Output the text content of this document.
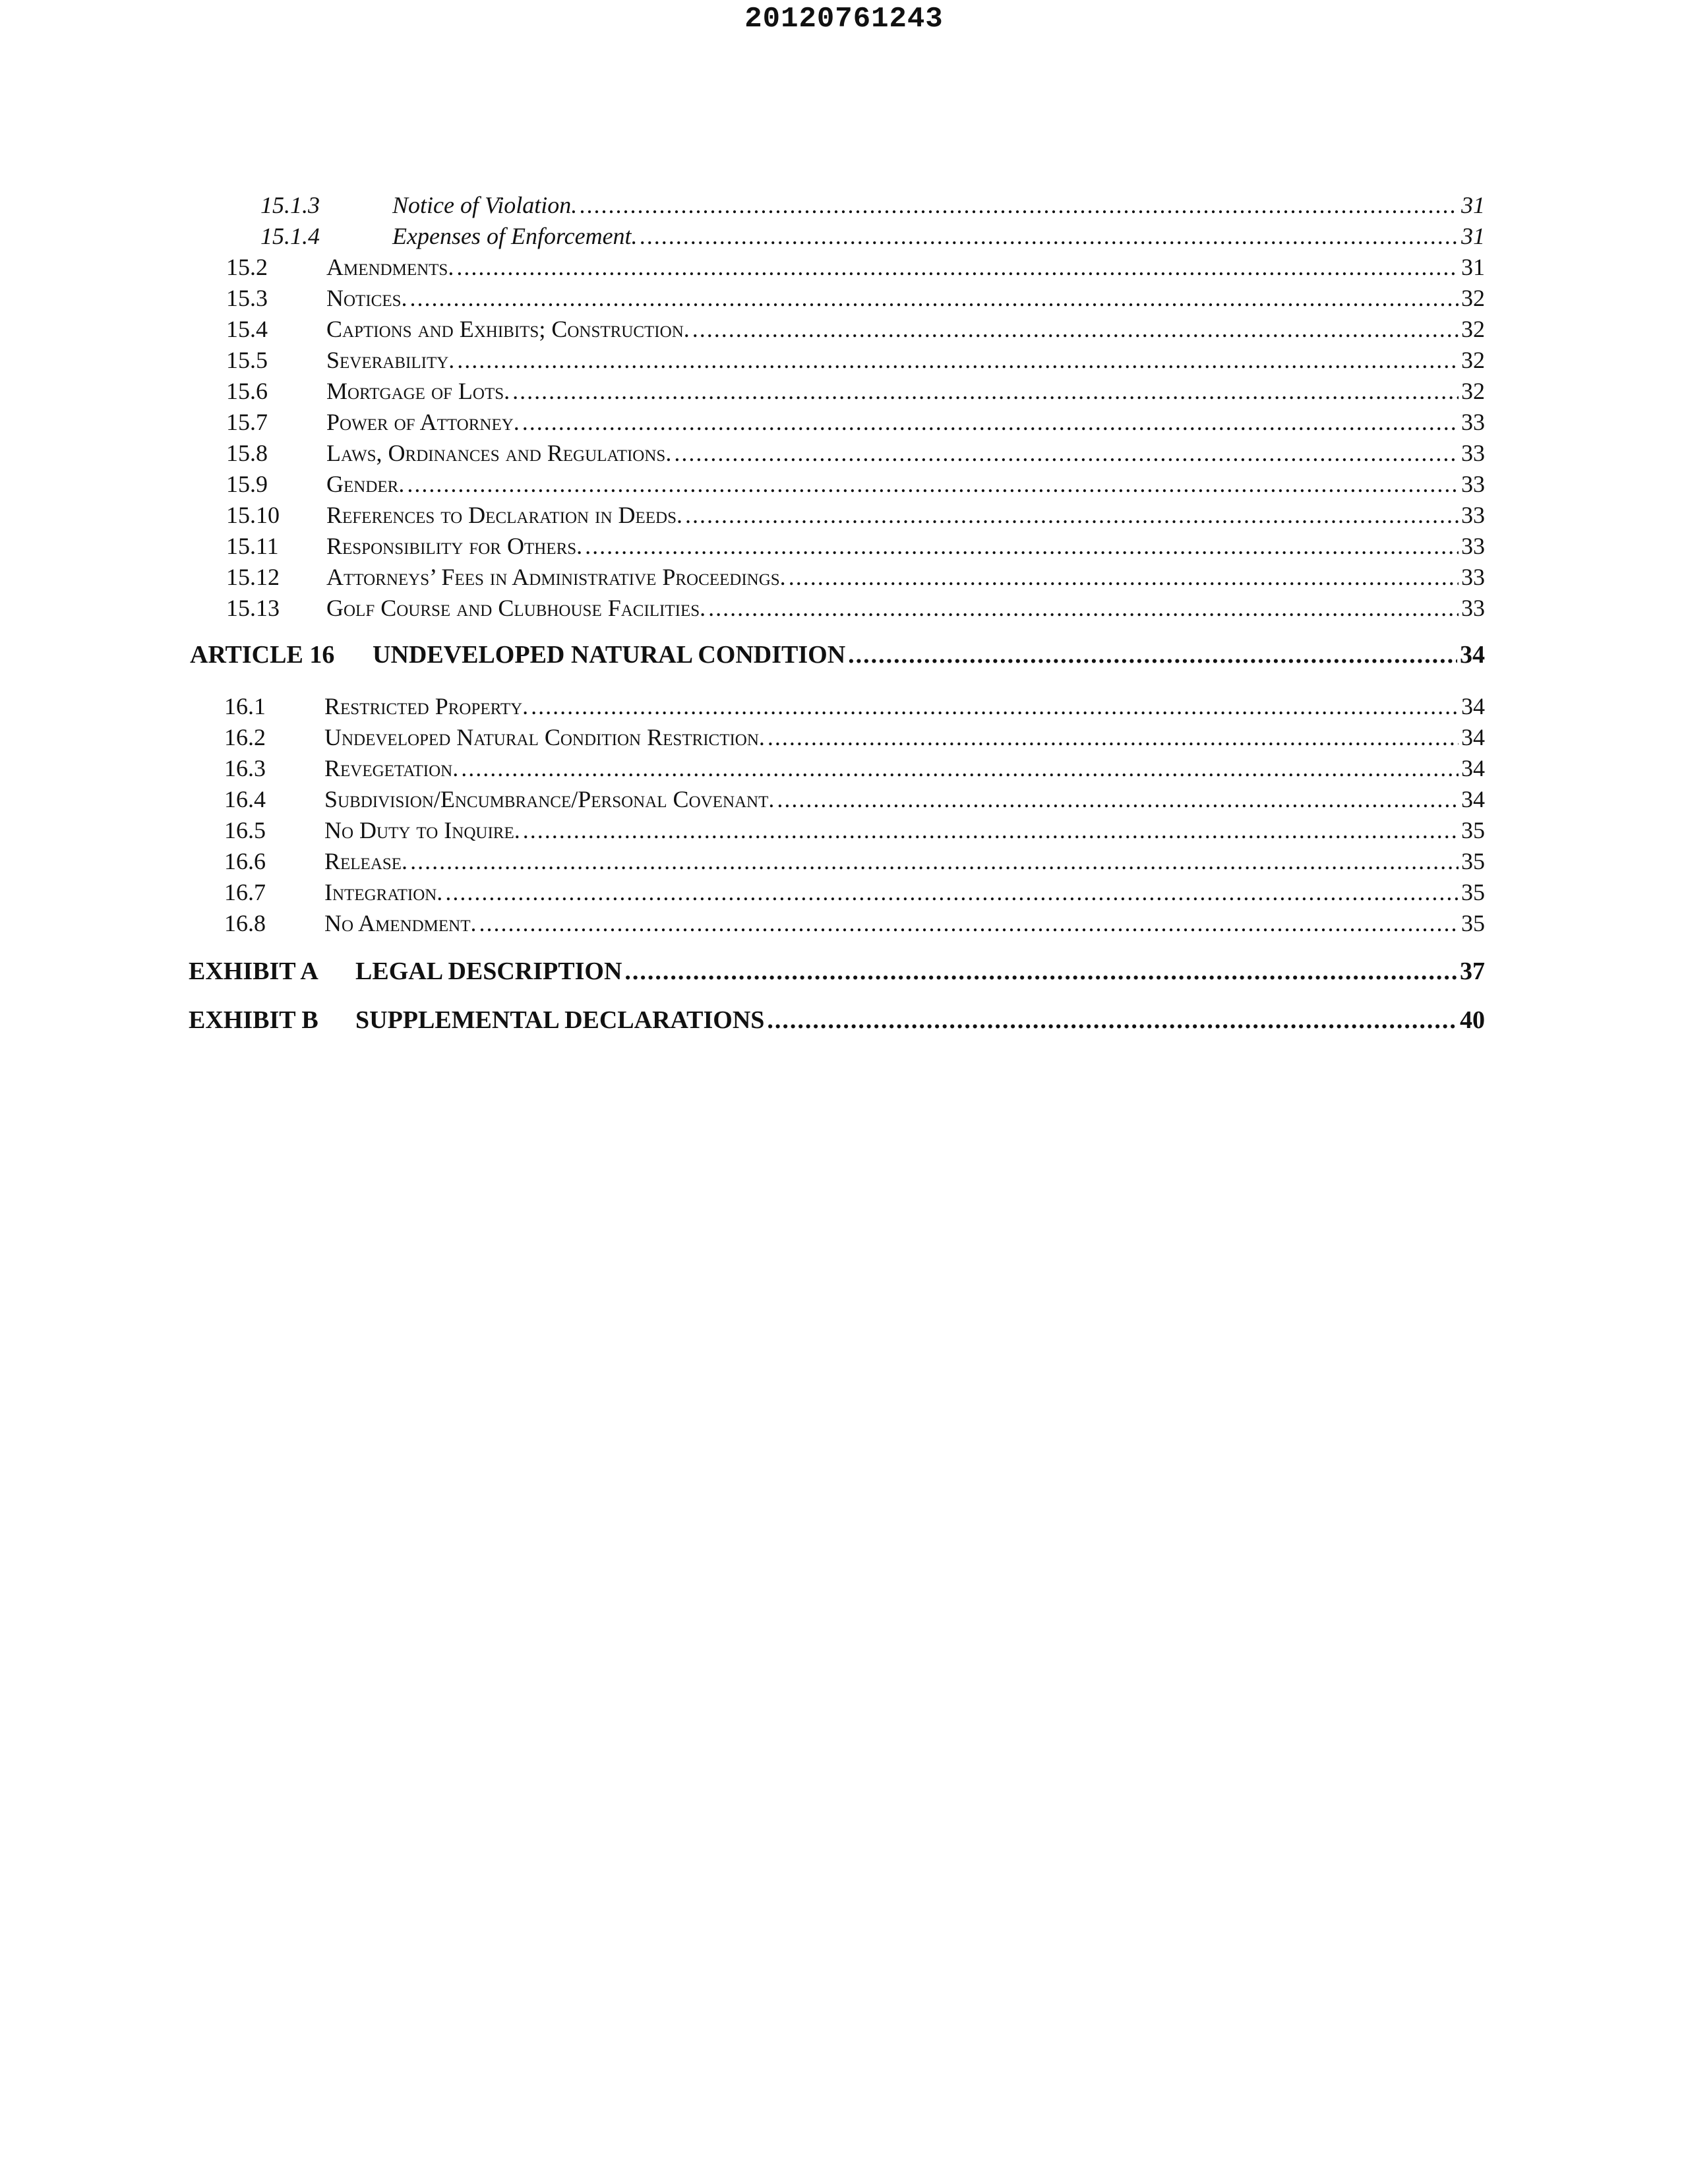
20120761243
15.1.3	Notice of Violation. .....	31
15.1.4	Expenses of Enforcement. .....	31
15.2	Amendments. .....	31
15.3	Notices. .....	32
15.4	Captions and Exhibits; Construction. .....	32
15.5	Severability. .....	32
15.6	Mortgage of Lots. .....	32
15.7	Power of Attorney. .....	33
15.8	Laws, Ordinances and Regulations. .....	33
15.9	Gender. .....	33
15.10	References to Declaration in Deeds. .....	33
15.11	Responsibility for Others. .....	33
15.12	Attorneys’ Fees in Administrative Proceedings. .....	33
15.13	Golf Course and Clubhouse Facilities. .....	33
ARTICLE 16	UNDEVELOPED NATURAL CONDITION .....	34
16.1	Restricted Property. .....	34
16.2	Undeveloped Natural Condition Restriction. .....	34
16.3	Revegetation. .....	34
16.4	Subdivision/Encumbrance/Personal Covenant. .....	34
16.5	No Duty to Inquire. .....	35
16.6	Release. .....	35
16.7	Integration. .....	35
16.8	No Amendment. .....	35
EXHIBIT A	LEGAL DESCRIPTION .....	37
EXHIBIT B	SUPPLEMENTAL DECLARATIONS .....	40
